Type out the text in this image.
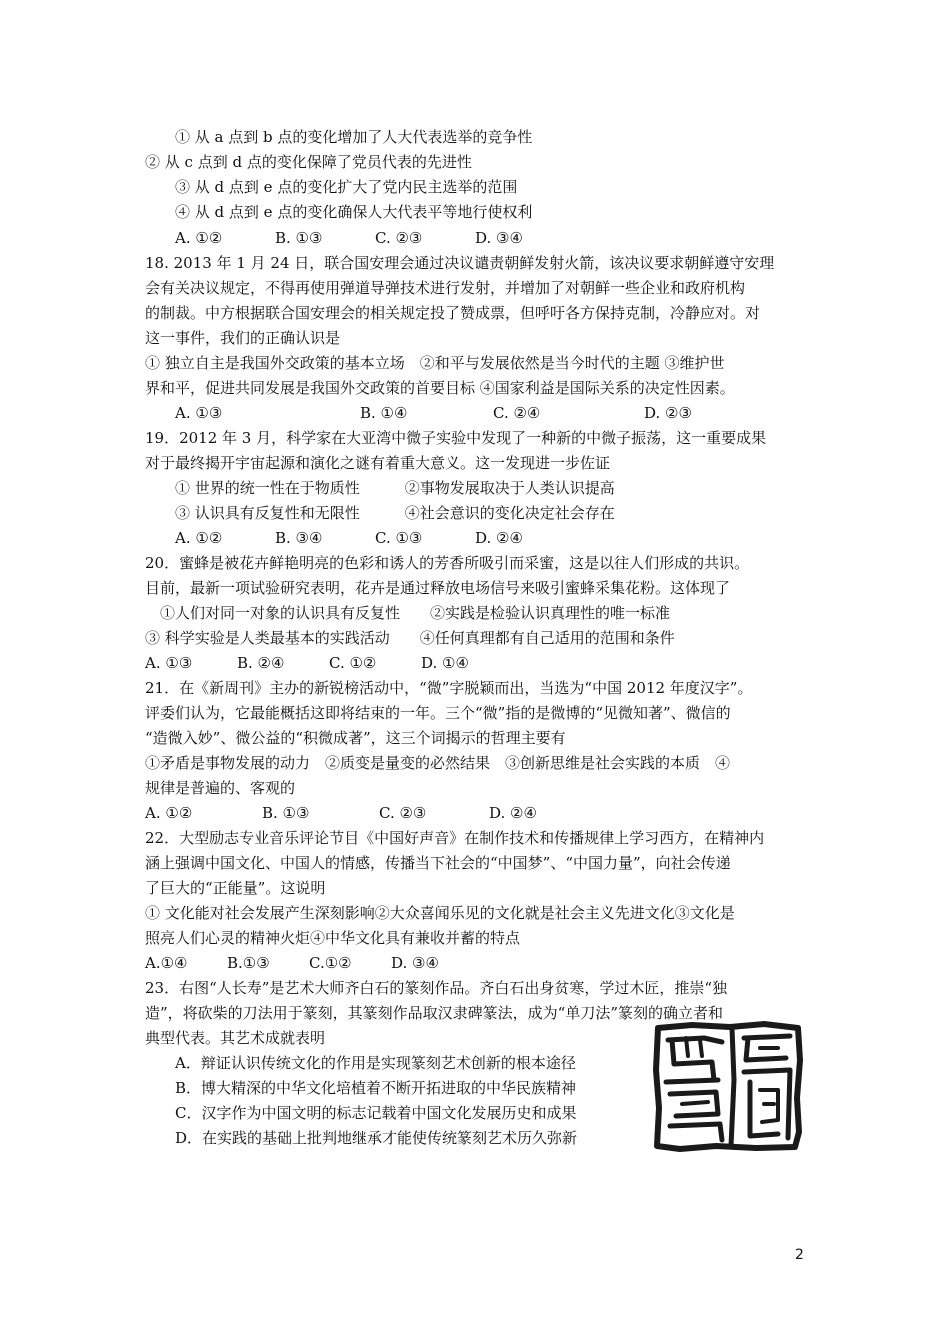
① 从 a 点到 b 点的变化增加了人大代表选举的竞争性
② 从 c 点到 d 点的变化保障了党员代表的先进性
③ 从 d 点到 e 点的变化扩大了党内民主选举的范围
④ 从 d 点到 e 点的变化确保人大代表平等地行使权利
A. ①②	B. ①③	C. ②③	D. ③④
18. 2013 年 1 月 24 日，联合国安理会通过决议谴责朝鲜发射火箭，该决议要求朝鲜遵守安理
会有关决议规定，不得再使用弹道导弹技术进行发射，并增加了对朝鲜一些企业和政府机构
的制裁。中方根据联合国安理会的相关规定投了赞成票，但呼吁各方保持克制，冷静应对。对
这一事件，我们的正确认识是
① 独立自主是我国外交政策的基本立场　②和平与发展依然是当今时代的主题 ③维护世
界和平，促进共同发展是我国外交政策的首要目标 ④国家利益是国际关系的决定性因素。
A. ①③	B. ①④	C. ②④	D. ②③
19．2012 年 3 月，科学家在大亚湾中微子实验中发现了一种新的中微子振荡，这一重要成果
对于最终揭开宇宙起源和演化之谜有着重大意义。这一发现进一步佐证
① 世界的统一性在于物质性　　　②事物发展取决于人类认识提高
③ 认识具有反复性和无限性　　　④社会意识的变化决定社会存在
A. ①②	B. ③④	C. ①③	D. ②④
20．蜜蜂是被花卉鲜艳明亮的色彩和诱人的芳香所吸引而采蜜，这是以往人们形成的共识。
目前，最新一项试验研究表明，花卉是通过释放电场信号来吸引蜜蜂采集花粉。这体现了
①人们对同一对象的认识具有反复性　　②实践是检验认识真理性的唯一标准
③ 科学实验是人类最基本的实践活动　　④任何真理都有自己适用的范围和条件
A. ①③	B. ②④	C. ①②	D. ①④
21．在《新周刊》主办的新锐榜活动中，“微”字脱颖而出，当选为“中国 2012 年度汉字”。
评委们认为，它最能概括这即将结束的一年。三个“微”指的是微博的“见微知著”、微信的
“造微入妙”、微公益的“积微成著”，这三个词揭示的哲理主要有
①矛盾是事物发展的动力　②质变是量变的必然结果　③创新思维是社会实践的本质　④
规律是普遍的、客观的
A. ①②	B. ①③	C. ②③	D. ②④
22．大型励志专业音乐评论节目《中国好声音》在制作技术和传播规律上学习西方，在精神内
涵上强调中国文化、中国人的情感，传播当下社会的“中国梦”、“中国力量”，向社会传递
了巨大的“正能量”。这说明
① 文化能对社会发展产生深刻影响②大众喜闻乐见的文化就是社会主义先进文化③文化是
照亮人们心灵的精神火炬④中华文化具有兼收并蓄的特点
A.①④	B.①③	C.①②	D. ③④
23．右图“人长寿”是艺术大师齐白石的篆刻作品。齐白石出身贫寒，学过木匠，推崇“独
造”，将砍柴的刀法用于篆刻，其篆刻作品取汉隶碑篆法，成为“单刀法”篆刻的确立者和
典型代表。其艺术成就表明
A．辩证认识传统文化的作用是实现篆刻艺术创新的根本途径
B．博大精深的中华文化培植着不断开拓进取的中华民族精神
C．汉字作为中国文明的标志记载着中国文化发展历史和成果
D．在实践的基础上批判地继承才能使传统篆刻艺术历久弥新
2
